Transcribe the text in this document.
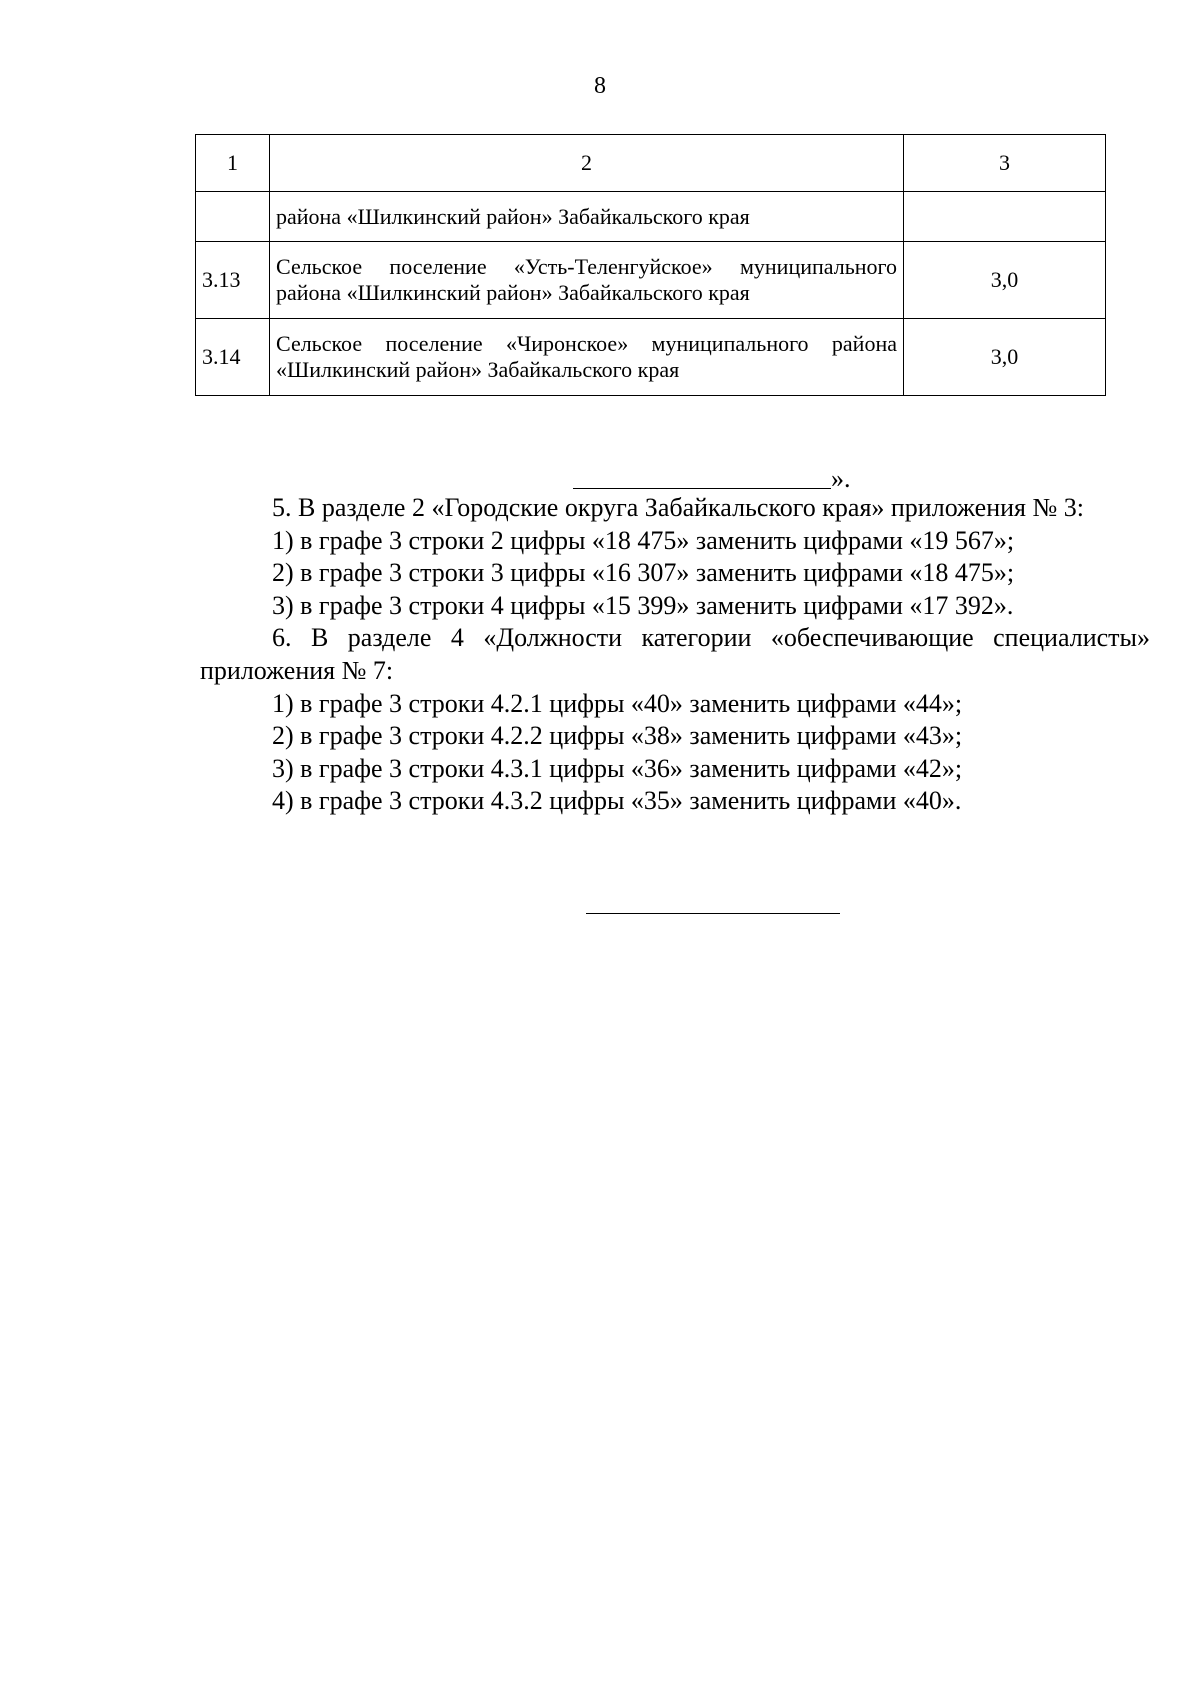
8
1	2	3
	района «Шилкинский район» Забайкальского края	
3.13	Сельское поселение «Усть-Теленгуйское» муниципального района «Шилкинский район» Забайкальского края	3,0
3.14	Сельское поселение «Чиронское» муниципального района «Шилкинский район» Забайкальского края	3,0
».

5. В разделе 2 «Городские округа Забайкальского края» приложения № 3:

1) в графе 3 строки 2 цифры «18 475» заменить цифрами «19 567»;

2) в графе 3 строки 3 цифры «16 307» заменить цифрами «18 475»;

3) в графе 3 строки 4 цифры «15 399» заменить цифрами «17 392».

6. В разделе 4 «Должности категории «обеспечивающие специалисты» приложения № 7:

1) в графе 3 строки 4.2.1 цифры «40» заменить цифрами «44»;

2) в графе 3 строки 4.2.2 цифры «38» заменить цифрами «43»;

3) в графе 3 строки 4.3.1 цифры «36» заменить цифрами «42»;

4) в графе 3 строки 4.3.2 цифры «35» заменить цифрами «40».
